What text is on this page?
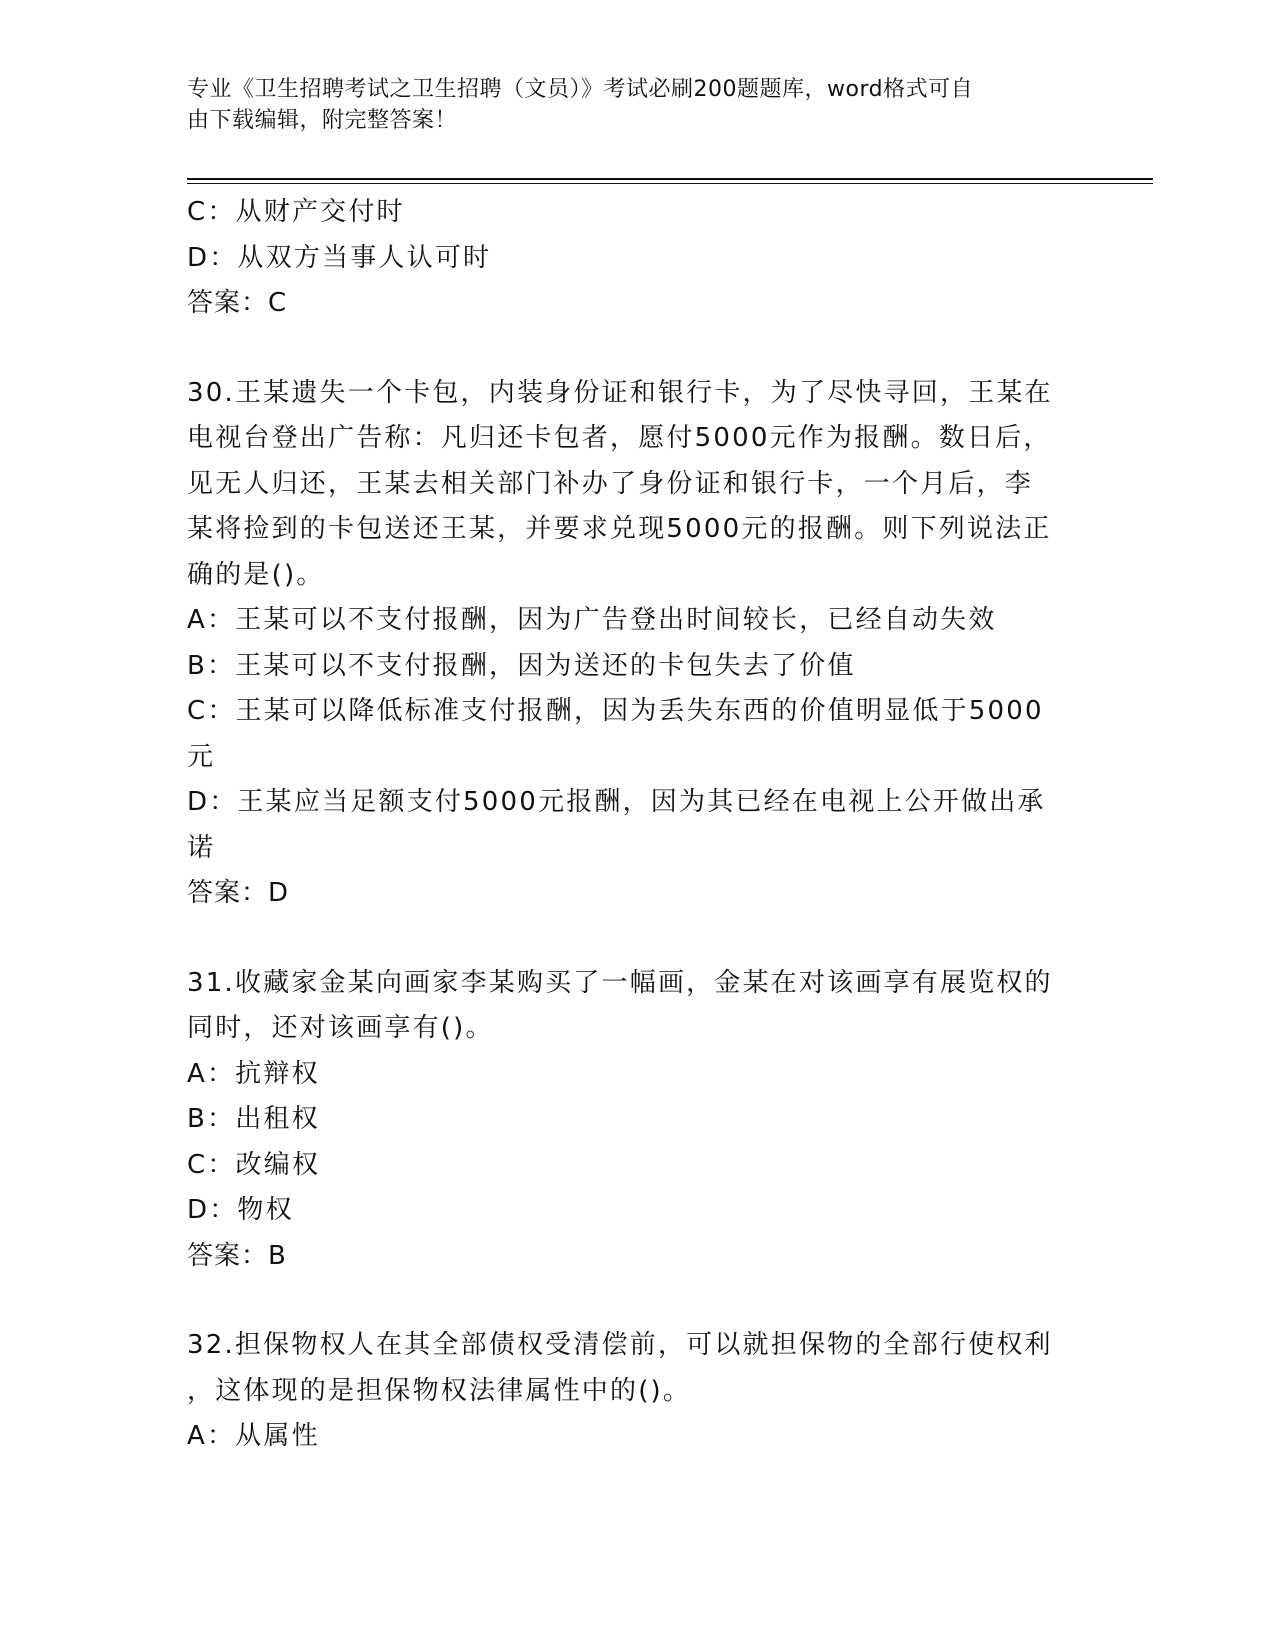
专业《卫生招聘考试之卫生招聘（文员）》考试必刷200题题库，word格式可自
由下载编辑，附完整答案！
C：从财产交付时
D：从双方当事人认可时
答案：C
30.王某遗失一个卡包，内装身份证和银行卡，为了尽快寻回，王某在
电视台登出广告称：凡归还卡包者，愿付5000元作为报酬。数日后，
见无人归还，王某去相关部门补办了身份证和银行卡，一个月后，李
某将捡到的卡包送还王某，并要求兑现5000元的报酬。则下列说法正
确的是()。
A：王某可以不支付报酬，因为广告登出时间较长，已经自动失效
B：王某可以不支付报酬，因为送还的卡包失去了价值
C：王某可以降低标准支付报酬，因为丢失东西的价值明显低于5000
元
D：王某应当足额支付5000元报酬，因为其已经在电视上公开做出承
诺
答案：D
31.收藏家金某向画家李某购买了一幅画，金某在对该画享有展览权的
同时，还对该画享有()。
A：抗辩权
B：出租权
C：改编权
D：物权
答案：B
32.担保物权人在其全部债权受清偿前，可以就担保物的全部行使权利
，这体现的是担保物权法律属性中的()。
A：从属性
